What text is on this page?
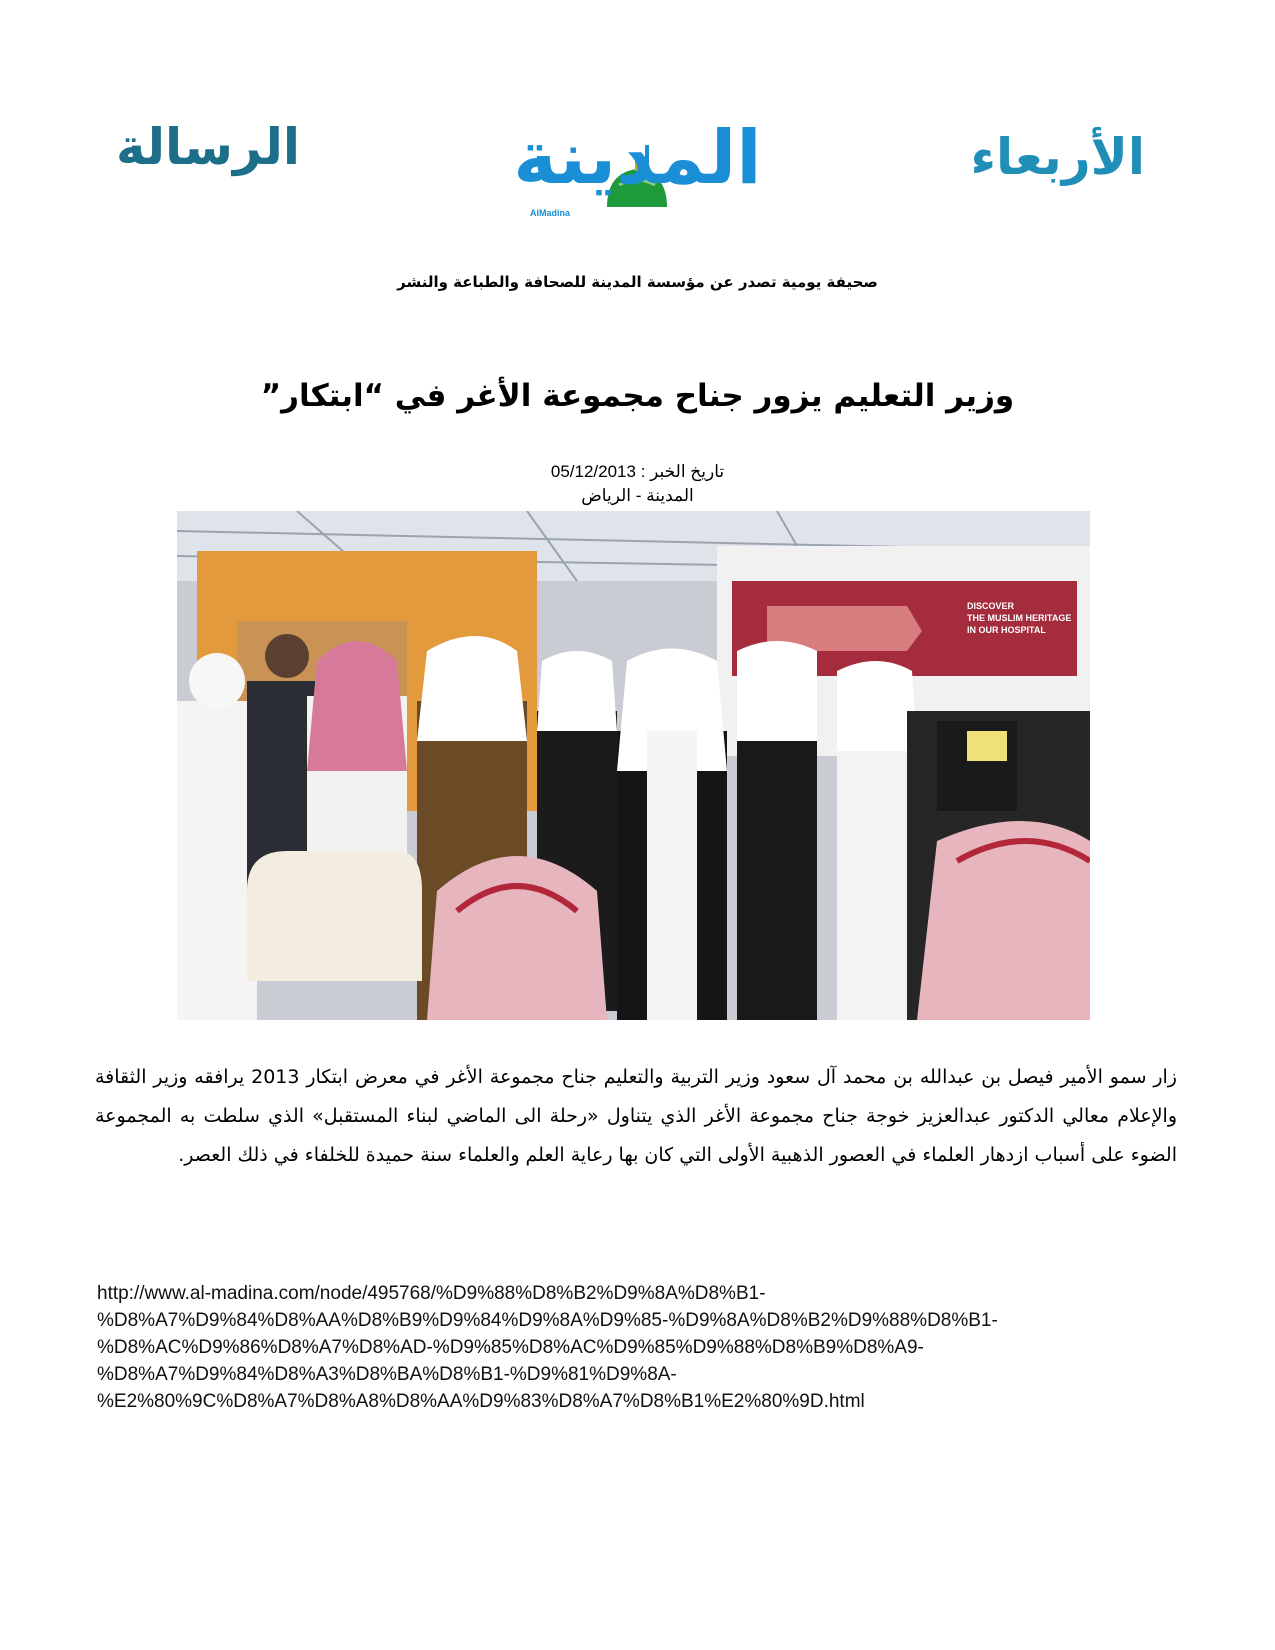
الرسالة	المدينة
AlMadina
الأربعاء
صحيفة يومية تصدر عن مؤسسة المدينة للصحافة والطباعة والنشر
وزير التعليم يزور جناح مجموعة الأغر في “ابتكار”
تاريخ الخبر : 05/12/2013
المدينة - الرياض
DISCOVER
THE MUSLIM HERITAGE
IN OUR HOSPITAL

زار سمو الأمير فيصل بن عبدالله بن محمد آل سعود وزير التربية والتعليم جناح مجموعة الأغر في معرض ابتكار 2013 يرافقه وزير الثقافة والإعلام معالي الدكتور عبدالعزيز خوجة جناح مجموعة الأغر الذي يتناول «رحلة الى الماضي لبناء المستقبل» الذي سلطت به المجموعة الضوء على أسباب ازدهار العلماء في العصور الذهبية الأولى التي كان بها رعاية العلم والعلماء سنة حميدة للخلفاء في ذلك العصر.

http://www.al-madina.com/node/495768/%D9%88%D8%B2%D9%8A%D8%B1-
%D8%A7%D9%84%D8%AA%D8%B9%D9%84%D9%8A%D9%85-%D9%8A%D8%B2%D9%88%D8%B1-
%D8%AC%D9%86%D8%A7%D8%AD-%D9%85%D8%AC%D9%85%D9%88%D8%B9%D8%A9-
%D8%A7%D9%84%D8%A3%D8%BA%D8%B1-%D9%81%D9%8A-
%E2%80%9C%D8%A7%D8%A8%D8%AA%D9%83%D8%A7%D8%B1%E2%80%9D.html
